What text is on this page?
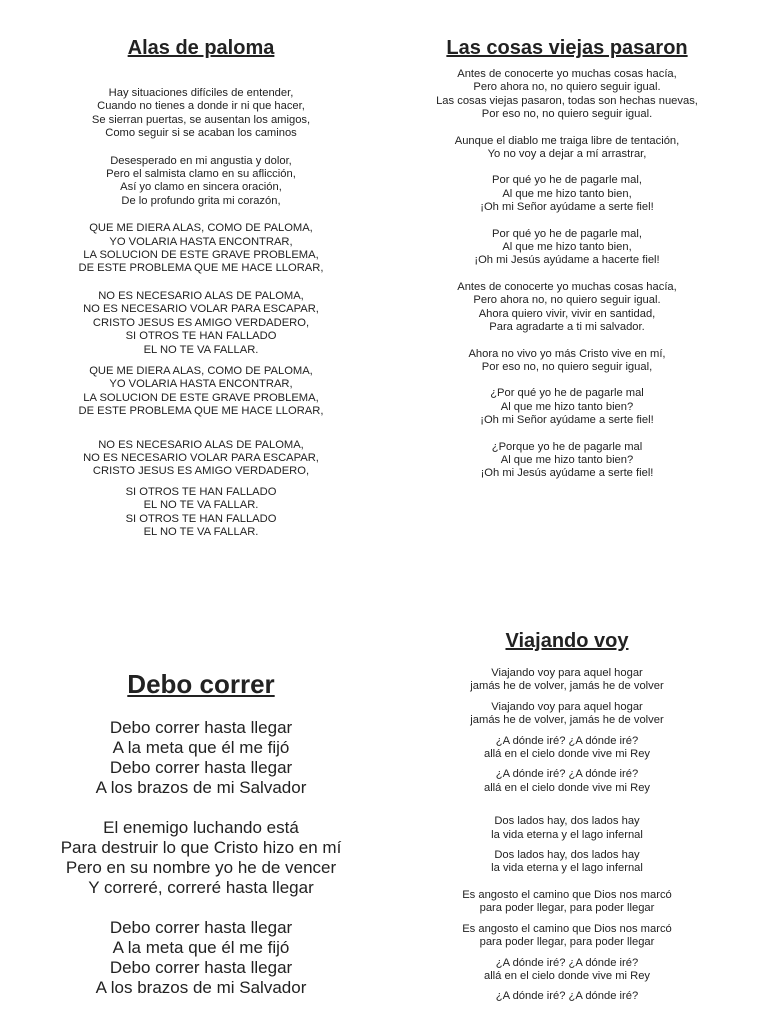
Alas de paloma
Hay situaciones difíciles de entender,
Cuando no tienes a donde ir ni que hacer,
Se sierran puertas, se ausentan los amigos,
Como seguir si se acaban los caminos
Desesperado en mi angustia y dolor,
Pero el salmista clamo en su aflicción,
Así yo clamo en sincera oración,
De lo profundo grita mi corazón,
QUE ME DIERA ALAS, COMO DE PALOMA,
YO VOLARIA HASTA ENCONTRAR,
LA SOLUCION DE ESTE GRAVE PROBLEMA,
DE ESTE PROBLEMA QUE ME HACE LLORAR,
NO ES NECESARIO ALAS DE PALOMA,
NO ES NECESARIO VOLAR PARA ESCAPAR,
CRISTO JESUS ES AMIGO VERDADERO,
SI OTROS TE HAN FALLADO
EL NO TE VA FALLAR.
QUE ME DIERA ALAS, COMO DE PALOMA,
YO VOLARIA HASTA ENCONTRAR,
LA SOLUCION DE ESTE GRAVE PROBLEMA,
DE ESTE PROBLEMA QUE ME HACE LLORAR,
NO ES NECESARIO ALAS DE PALOMA,
NO ES NECESARIO VOLAR PARA ESCAPAR,
CRISTO JESUS ES AMIGO VERDADERO,
SI OTROS TE HAN FALLADO
EL NO TE VA FALLAR.
SI OTROS TE HAN FALLADO
EL NO TE VA FALLAR.
Las cosas viejas pasaron
Antes de conocerte yo muchas cosas hacía,
Pero ahora no, no quiero seguir igual.
Las cosas viejas pasaron, todas son hechas nuevas,
Por eso no, no quiero seguir igual.
Aunque el diablo me traiga libre de tentación,
Yo no voy a dejar a mí arrastrar,
Por qué yo he de pagarle mal,
Al que me hizo tanto bien,
¡Oh mi Señor ayúdame a serte fiel!
Por qué yo he de pagarle mal,
Al que me hizo tanto bien,
¡Oh mi Jesús ayúdame a hacerte fiel!
Antes de conocerte yo muchas cosas hacía,
Pero ahora no, no quiero seguir igual.
Ahora quiero vivir, vivir en santidad,
Para agradarte a ti mi salvador.
Ahora no vivo yo más Cristo vive en mí,
Por eso no, no quiero seguir igual,
¿Por qué yo he de pagarle mal
Al que me hizo tanto bien?
¡Oh mi Señor ayúdame a serte fiel!
¿Porque yo he de pagarle mal
Al que me hizo tanto bien?
¡Oh mi Jesús ayúdame a serte fiel!
Viajando voy
Viajando voy para aquel hogar
jamás he de volver, jamás he de volver
Viajando voy para aquel hogar
jamás he de volver, jamás he de volver
¿A dónde iré? ¿A dónde iré?
allá en el cielo donde vive mi Rey
¿A dónde iré? ¿A dónde iré?
allá en el cielo donde vive mi Rey
Dos lados hay, dos lados hay
la vida eterna y el lago infernal
Dos lados hay, dos lados hay
la vida eterna y el lago infernal
Es angosto el camino que Dios nos marcó
para poder llegar, para poder llegar
Es angosto el camino que Dios nos marcó
para poder llegar, para poder llegar
¿A dónde iré? ¿A dónde iré?
allá en el cielo donde vive mi Rey
¿A dónde iré? ¿A dónde iré?
Debo correr
Debo correr hasta llegar
A la meta que él me fijó
Debo correr hasta llegar
A los brazos de mi Salvador
El enemigo luchando está
Para destruir lo que Cristo hizo en mí
Pero en su nombre yo he de vencer
Y correré, correré hasta llegar
Debo correr hasta llegar
A la meta que él me fijó
Debo correr hasta llegar
A los brazos de mi Salvador
